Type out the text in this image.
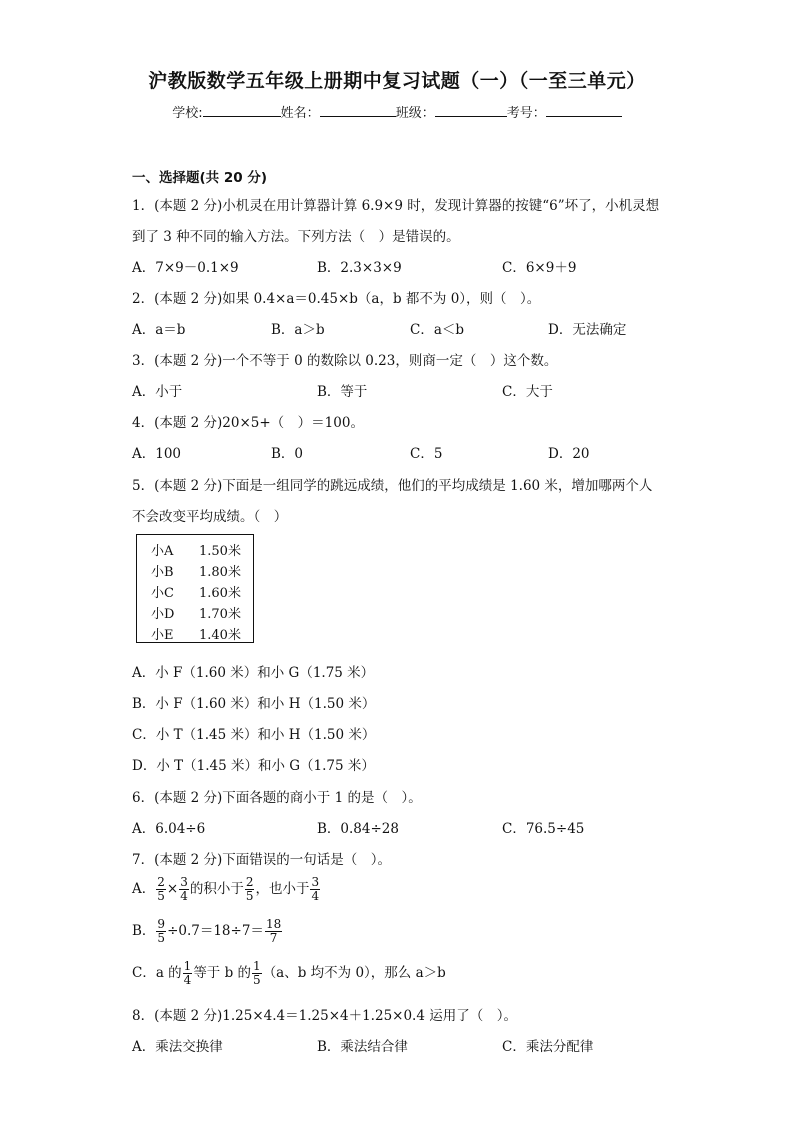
沪教版数学五年级上册期中复习试题（一）（一至三单元）
学校:	姓名：	班级：	考号：
一、选择题(共 20 分)
1．(本题 2 分)小机灵在用计算器计算 6.9×9 时，发现计算器的按键“6”坏了，小机灵想
到了 3 种不同的输入方法。下列方法（　）是错误的。
A．7×9－0.1×9	B．2.3×3×9	C．6×9＋9
2．(本题 2 分)如果 0.4×a＝0.45×b（a，b 都不为 0），则（　）。
A．a＝b	B．a＞b	C．a＜b	D．无法确定
3．(本题 2 分)一个不等于 0 的数除以 0.23，则商一定（　）这个数。
A．小于	B．等于	C．大于
4．(本题 2 分)20×5+（　）＝100。
A．100	B．0	C．5	D．20
5．(本题 2 分)下面是一组同学的跳远成绩，他们的平均成绩是 1.60 米，增加哪两个人
不会改变平均成绩。（　）
小A 1.50米
小B 1.80米
小C 1.60米
小D 1.70米
小E 1.40米
A．小 F（1.60 米）和小 G（1.75 米）
B．小 F（1.60 米）和小 H（1.50 米）
C．小 T（1.45 米）和小 H（1.50 米）
D．小 T（1.45 米）和小 G（1.75 米）
6．(本题 2 分)下面各题的商小于 1 的是（　）。
A．6.04÷6	B．0.84÷28	C．76.5÷45
7．(本题 2 分)下面错误的一句话是（　）。
A． $\frac{2}{5} \times \frac{3}{4}$ 的积小于 $\frac{2}{5}$ ，也小于 $\frac{3}{4}$
B． $\frac{9}{5} \div 0.7=18\div 7= \frac{18}{7}$
C．a 的 $\frac{1}{4}$ 等于 b 的 $\frac{1}{5} (a$、b 均不为 0），那么 a＞b
8．(本题 2 分)1.25×4.4＝1.25×4＋1.25×0.4 运用了（　）。
A．乘法交换律	B．乘法结合律	C．乘法分配律
